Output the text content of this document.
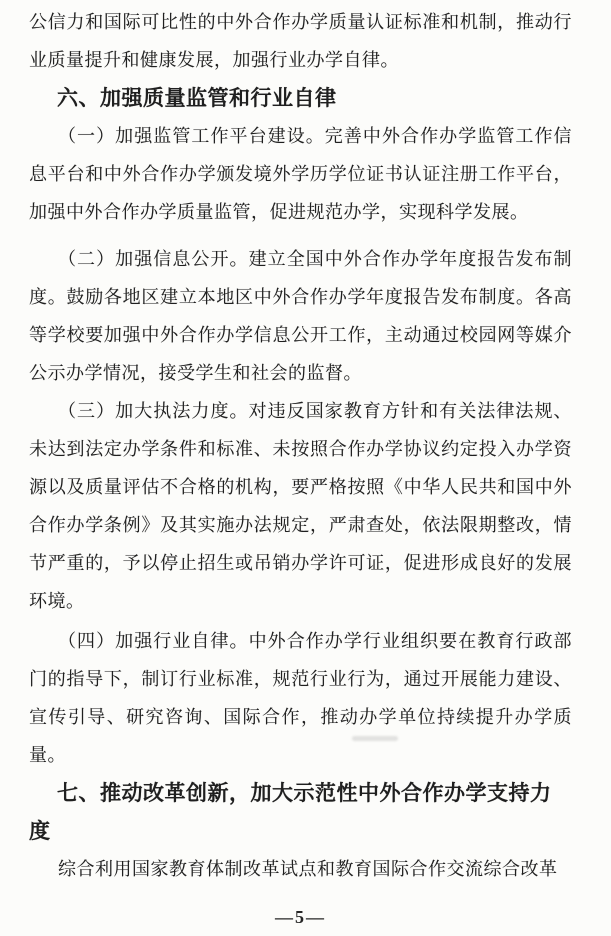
公信力和国际可比性的中外合作办学质量认证标准和机制，推动行
业质量提升和健康发展，加强行业办学自律。
六、加强质量监管和行业自律
（一）加强监管工作平台建设。完善中外合作办学监管工作信
息平台和中外合作办学颁发境外学历学位证书认证注册工作平台，
加强中外合作办学质量监管，促进规范办学，实现科学发展。
（二）加强信息公开。建立全国中外合作办学年度报告发布制
度。鼓励各地区建立本地区中外合作办学年度报告发布制度。各高
等学校要加强中外合作办学信息公开工作，主动通过校园网等媒介
公示办学情况，接受学生和社会的监督。
（三）加大执法力度。对违反国家教育方针和有关法律法规、
未达到法定办学条件和标准、未按照合作办学协议约定投入办学资
源以及质量评估不合格的机构，要严格按照《中华人民共和国中外
合作办学条例》及其实施办法规定，严肃查处，依法限期整改，情
节严重的，予以停止招生或吊销办学许可证，促进形成良好的发展
环境。
（四）加强行业自律。中外合作办学行业组织要在教育行政部
门的指导下，制订行业标准，规范行业行为，通过开展能力建设、
宣传引导、研究咨询、国际合作，推动办学单位持续提升办学质量。
七、推动改革创新，加大示范性中外合作办学支持力度
综合利用国家教育体制改革试点和教育国际合作交流综合改革
—5—
